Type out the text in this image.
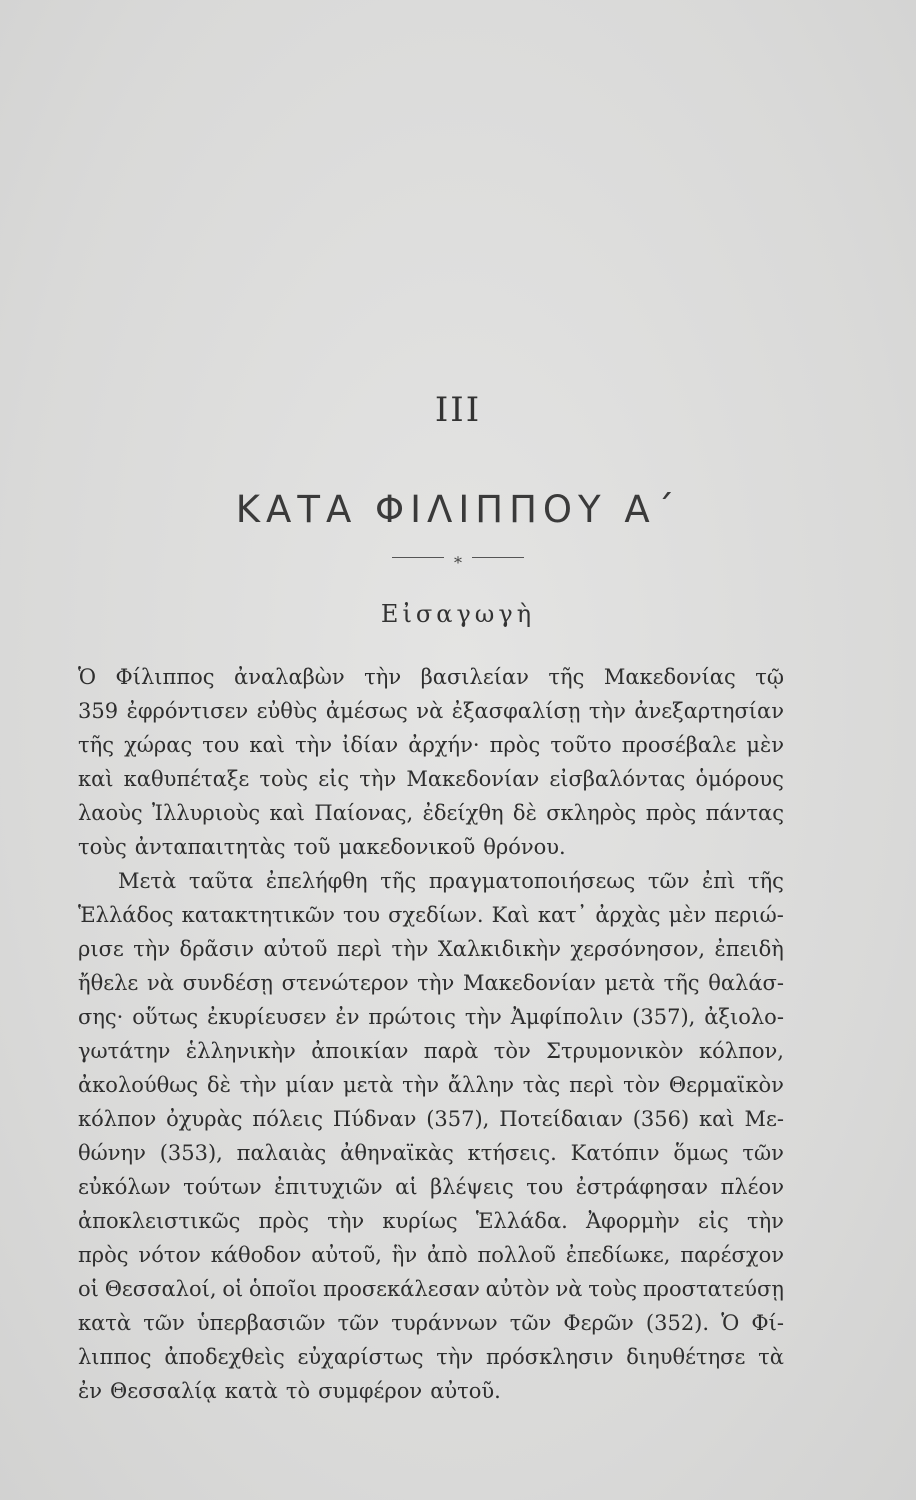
III
ΚΑΤΑ ΦΙΛΙΠΠΟΥ Α΄
⁎
Εἰσαγωγὴ
Ὁ Φίλιππος ἀναλαβὼν τὴν βασιλείαν τῆς Μακεδονίας τῷ
359 ἐφρόντισεν εὐθὺς ἀμέσως νὰ ἐξασφαλίσῃ τὴν ἀνεξαρτησίαν
τῆς χώρας του καὶ τὴν ἰδίαν ἀρχήν· πρὸς τοῦτο προσέβαλε μὲν
καὶ καθυπέταξε τοὺς εἰς τὴν Μακεδονίαν εἰσβαλόντας ὁμόρους
λαοὺς Ἰλλυριοὺς καὶ Παίονας, ἐδείχθη δὲ σκληρὸς πρὸς πάντας
τοὺς ἀνταπαιτητὰς τοῦ μακεδονικοῦ θρόνου.
Μετὰ ταῦτα ἐπελήφθη τῆς πραγματοποιήσεως τῶν ἐπὶ τῆς
Ἑλλάδος κατακτητικῶν του σχεδίων. Καὶ κατ᾽ ἀρχὰς μὲν περιώ-
ρισε τὴν δρᾶσιν αὐτοῦ περὶ τὴν Χαλκιδικὴν χερσόνησον, ἐπειδὴ
ἤθελε νὰ συνδέσῃ στενώτερον τὴν Μακεδονίαν μετὰ τῆς θαλάσ-
σης· οὕτως ἐκυρίευσεν ἐν πρώτοις τὴν Ἀμφίπολιν (357), ἀξιολο-
γωτάτην ἑλληνικὴν ἀποικίαν παρὰ τὸν Στρυμονικὸν κόλπον,
ἀκολούθως δὲ τὴν μίαν μετὰ τὴν ἄλλην τὰς περὶ τὸν Θερμαϊκὸν
κόλπον ὀχυρὰς πόλεις Πύδναν (357), Ποτείδαιαν (356) καὶ Με-
θώνην (353), παλαιὰς ἀθηναϊκὰς κτήσεις. Κατόπιν ὅμως τῶν
εὐκόλων τούτων ἐπιτυχιῶν αἱ βλέψεις του ἐστράφησαν πλέον
ἀποκλειστικῶς πρὸς τὴν κυρίως Ἑλλάδα. Ἀφορμὴν εἰς τὴν
πρὸς νότον κάθοδον αὐτοῦ, ἣν ἀπὸ πολλοῦ ἐπεδίωκε, παρέσχον
οἱ Θεσσαλοί, οἱ ὁποῖοι προσεκάλεσαν αὐτὸν νὰ τοὺς προστατεύσῃ
κατὰ τῶν ὑπερβασιῶν τῶν τυράννων τῶν Φερῶν (352). Ὁ Φί-
λιππος ἀποδεχθεὶς εὐχαρίστως τὴν πρόσκλησιν διηυθέτησε τὰ
ἐν Θεσσαλίᾳ κατὰ τὸ συμφέρον αὐτοῦ.
